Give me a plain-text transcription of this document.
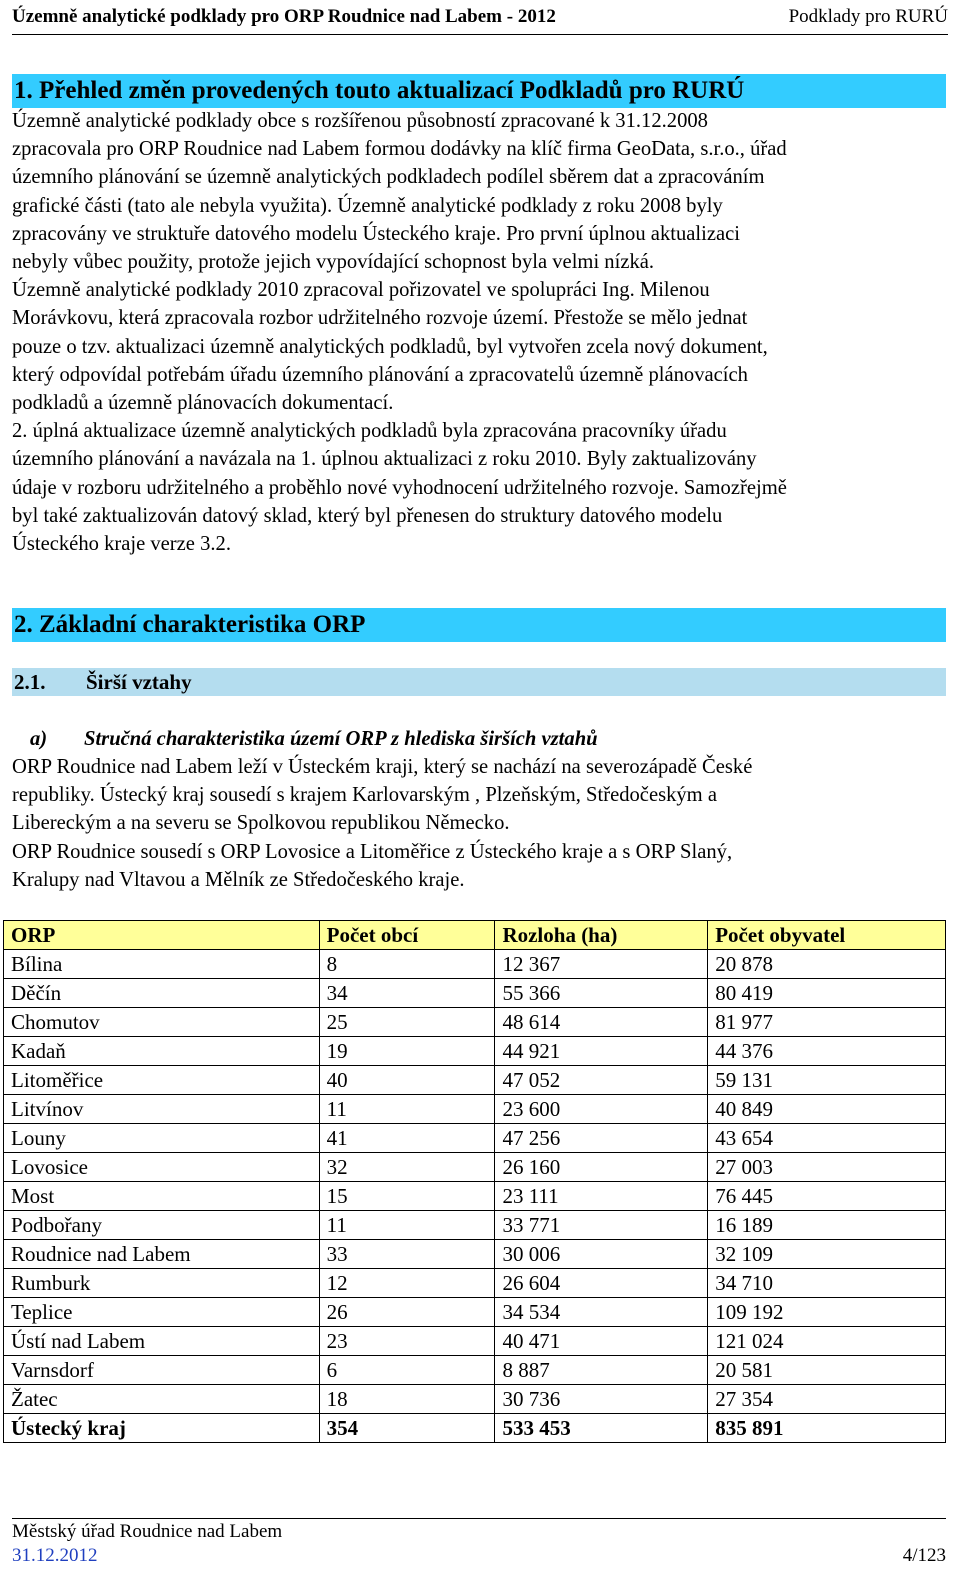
Územně analytické podklady pro ORP Roudnice nad Labem - 2012	Podklady pro RURÚ
1. Přehled změn provedených touto aktualizací Podkladů pro RURÚ
Územně analytické podklady obce s rozšířenou působností zpracované k 31.12.2008
zpracovala pro ORP Roudnice nad Labem formou dodávky na klíč firma GeoData, s.r.o., úřad
územního plánování se územně analytických podkladech podílel sběrem dat a zpracováním
grafické části (tato ale nebyla využita). Územně analytické podklady z roku 2008 byly
zpracovány ve struktuře datového modelu Ústeckého kraje. Pro první úplnou aktualizaci
nebyly vůbec použity, protože jejich vypovídající schopnost byla velmi nízká.
Územně analytické podklady 2010 zpracoval pořizovatel ve spolupráci Ing. Milenou
Morávkovu, která zpracovala rozbor udržitelného rozvoje území. Přestože se mělo jednat
pouze o tzv. aktualizaci územně analytických podkladů, byl vytvořen zcela nový dokument,
který odpovídal potřebám úřadu územního plánování a zpracovatelů územně plánovacích
podkladů a územně plánovacích dokumentací.
2. úplná aktualizace územně analytických podkladů byla zpracována pracovníky úřadu
územního plánování a navázala na 1. úplnou aktualizaci z roku 2010. Byly zaktualizovány
údaje v rozboru udržitelného a proběhlo nové vyhodnocení udržitelného rozvoje. Samozřejmě
byl také zaktualizován datový sklad, který byl přenesen do struktury datového modelu
Ústeckého kraje verze 3.2.
2. Základní charakteristika ORP
2.1. Širší vztahy
a) Stručná charakteristika území ORP z hlediska širších vztahů
ORP Roudnice nad Labem leží v Ústeckém kraji, který se nachází na severozápadě České
republiky. Ústecký kraj sousedí s krajem Karlovarským , Plzeňským, Středočeským a
Libereckým a na severu se Spolkovou republikou Německo.
ORP Roudnice sousedí s ORP Lovosice a Litoměřice z Ústeckého kraje a s ORP Slaný,
Kralupy nad Vltavou a Mělník ze Středočeského kraje.
ORP	Počet obcí	Rozloha (ha)	Počet obyvatel
Bílina	8	12 367	20 878
Děčín	34	55 366	80 419
Chomutov	25	48 614	81 977
Kadaň	19	44 921	44 376
Litoměřice	40	47 052	59 131
Litvínov	11	23 600	40 849
Louny	41	47 256	43 654
Lovosice	32	26 160	27 003
Most	15	23 111	76 445
Podbořany	11	33 771	16 189
Roudnice nad Labem	33	30 006	32 109
Rumburk	12	26 604	34 710
Teplice	26	34 534	109 192
Ústí nad Labem	23	40 471	121 024
Varnsdorf	6	8 887	20 581
Žatec	18	30 736	27 354
Ústecký kraj	354	533 453	835 891
Městský úřad Roudnice nad Labem
31.12.2012	4/123
